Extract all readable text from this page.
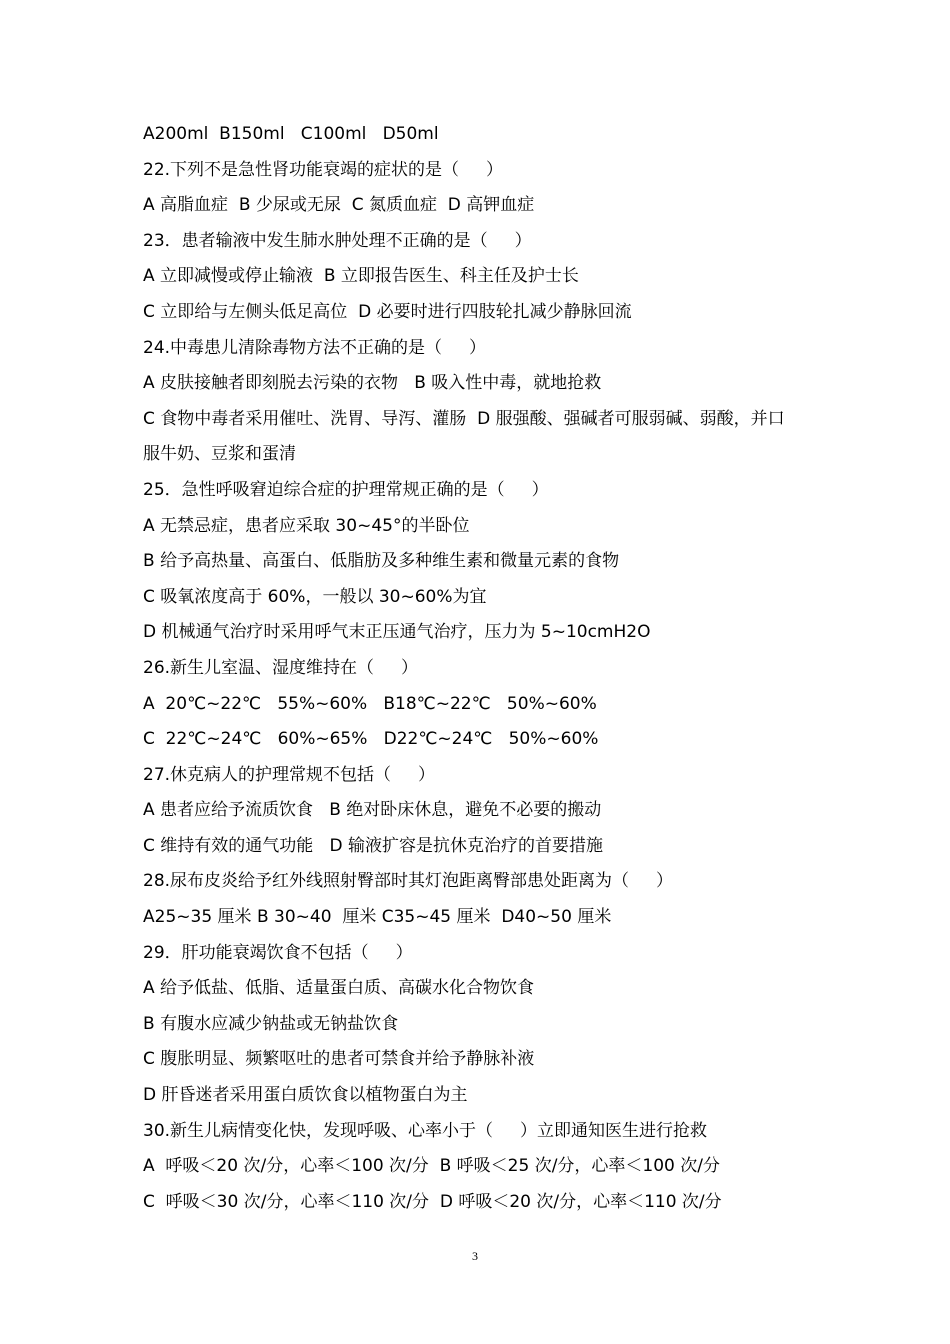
A200ml  B150ml   C100ml   D50ml
22.下列不是急性肾功能衰竭的症状的是（     ）
A 高脂血症  B 少尿或无尿  C 氮质血症  D 高钾血症
23．患者输液中发生肺水肿处理不正确的是（     ）
A 立即减慢或停止输液  B 立即报告医生、科主任及护士长
C 立即给与左侧头低足高位  D 必要时进行四肢轮扎减少静脉回流
24.中毒患儿清除毒物方法不正确的是（     ）
A 皮肤接触者即刻脱去污染的衣物   B 吸入性中毒，就地抢救
C 食物中毒者采用催吐、洗胃、导泻、灌肠  D 服强酸、强碱者可服弱碱、弱酸，并口
服牛奶、豆浆和蛋清
25．急性呼吸窘迫综合症的护理常规正确的是（     ）
A 无禁忌症，患者应采取 30~45°的半卧位
B 给予高热量、高蛋白、低脂肪及多种维生素和微量元素的食物
C 吸氧浓度高于 60%，一般以 30~60%为宜
D 机械通气治疗时采用呼气末正压通气治疗，压力为 5~10cmH2O
26.新生儿室温、湿度维持在（     ）
A  20℃~22℃   55%~60%   B18℃~22℃   50%~60%
C  22℃~24℃   60%~65%   D22℃~24℃   50%~60%
27.休克病人的护理常规不包括（     ）
A 患者应给予流质饮食   B 绝对卧床休息，避免不必要的搬动
C 维持有效的通气功能   D 输液扩容是抗休克治疗的首要措施
28.尿布皮炎给予红外线照射臀部时其灯泡距离臀部患处距离为（     ）
A25~35 厘米 B 30~40  厘米 C35~45 厘米  D40~50 厘米
29．肝功能衰竭饮食不包括（     ）
A 给予低盐、低脂、适量蛋白质、高碳水化合物饮食
B 有腹水应减少钠盐或无钠盐饮食
C 腹胀明显、频繁呕吐的患者可禁食并给予静脉补液
D 肝昏迷者采用蛋白质饮食以植物蛋白为主
30.新生儿病情变化快，发现呼吸、心率小于（     ）立即通知医生进行抢救
A  呼吸＜20 次/分，心率＜100 次/分  B 呼吸＜25 次/分，心率＜100 次/分
C  呼吸＜30 次/分，心率＜110 次/分  D 呼吸＜20 次/分，心率＜110 次/分
3
